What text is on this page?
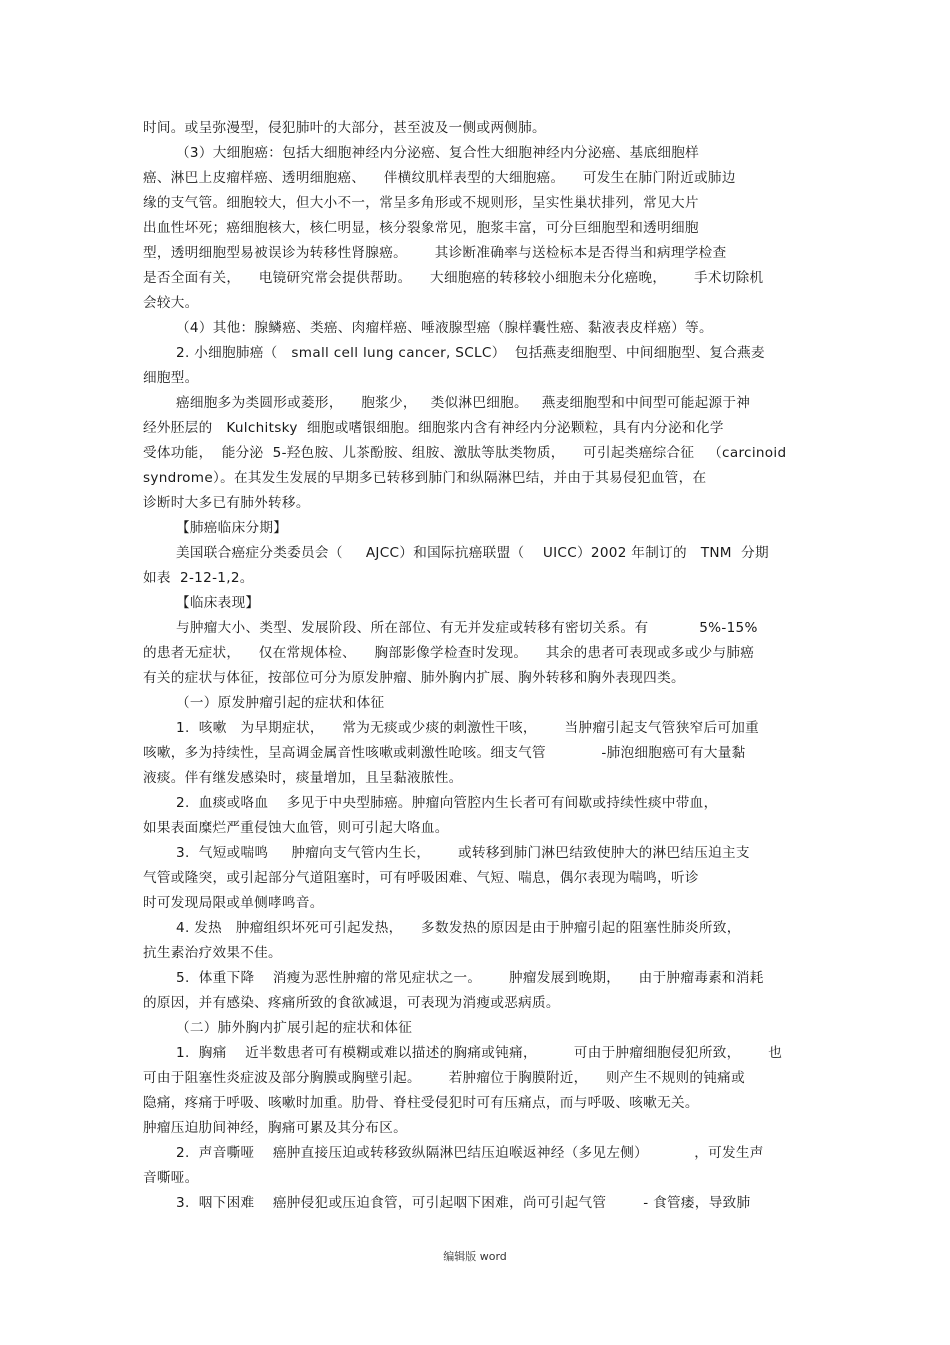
时间。或呈弥漫型，侵犯肺叶的大部分，甚至波及一侧或两侧肺。
（3）大细胞癌：包括大细胞神经内分泌癌、复合性大细胞神经内分泌癌、基底细胞样
癌、淋巴上皮瘤样癌、透明细胞癌、    伴横纹肌样表型的大细胞癌。    可发生在肺门附近或肺边
缘的支气管。细胞较大，但大小不一，常呈多角形或不规则形，呈实性巢状排列，常见大片
出血性坏死；癌细胞核大，核仁明显，核分裂象常见，胞浆丰富，可分巨细胞型和透明细胞
型，透明细胞型易被误诊为转移性肾腺癌。      其诊断准确率与送检标本是否得当和病理学检查
是否全面有关，    电镜研究常会提供帮助。    大细胞癌的转移较小细胞未分化癌晚，      手术切除机
会较大。
（4）其他：腺鳞癌、类癌、肉瘤样癌、唾液腺型癌（腺样囊性癌、黏液表皮样癌）等。
2. 小细胞肺癌（   small cell lung cancer, SCLC）  包括燕麦细胞型、中间细胞型、复合燕麦
细胞型。
癌细胞多为类圆形或菱形，    胞浆少，   类似淋巴细胞。   燕麦细胞型和中间型可能起源于神
经外胚层的   Kulchitsky  细胞或嗜银细胞。细胞浆内含有神经内分泌颗粒，具有内分泌和化学
受体功能，  能分泌  5-羟色胺、儿茶酚胺、组胺、激肽等肽类物质，    可引起类癌综合征   （carcinoid
syndrome）。在其发生发展的早期多已转移到肺门和纵隔淋巴结，并由于其易侵犯血管，在
诊断时大多已有肺外转移。
【肺癌临床分期】
美国联合癌症分类委员会（     AJCC）和国际抗癌联盟（    UICC）2002 年制订的   TNM  分期
如表  2-12-1,2。
【临床表现】
与肿瘤大小、类型、发展阶段、所在部位、有无并发症或转移有密切关系。有           5%-15%
的患者无症状，    仅在常规体检、    胸部影像学检查时发现。    其余的患者可表现或多或少与肺癌
有关的症状与体征，按部位可分为原发肿瘤、肺外胸内扩展、胸外转移和胸外表现四类。
（一）原发肿瘤引起的症状和体征
1.  咳嗽   为早期症状，    常为无痰或少痰的刺激性干咳，      当肿瘤引起支气管狭窄后可加重
咳嗽，多为持续性，呈高调金属音性咳嗽或刺激性呛咳。细支气管            -肺泡细胞癌可有大量黏
液痰。伴有继发感染时，痰量增加，且呈黏液脓性。
2.  血痰或咯血    多见于中央型肺癌。肿瘤向管腔内生长者可有间歇或持续性痰中带血，
如果表面糜烂严重侵蚀大血管，则可引起大咯血。
3.  气短或喘鸣     肿瘤向支气管内生长，      或转移到肺门淋巴结致使肿大的淋巴结压迫主支
气管或隆突，或引起部分气道阻塞时，可有呼吸困难、气短、喘息，偶尔表现为喘鸣，听诊
时可发现局限或单侧哮鸣音。
4. 发热   肿瘤组织坏死可引起发热，    多数发热的原因是由于肿瘤引起的阻塞性肺炎所致，
抗生素治疗效果不佳。
5.  体重下降    消瘦为恶性肿瘤的常见症状之一。      肿瘤发展到晚期，    由于肿瘤毒素和消耗
的原因，并有感染、疼痛所致的食欲减退，可表现为消瘦或恶病质。
（二）肺外胸内扩展引起的症状和体征
1.  胸痛    近半数患者可有模糊或难以描述的胸痛或钝痛，        可由于肿瘤细胞侵犯所致，      也
可由于阻塞性炎症波及部分胸膜或胸壁引起。      若肿瘤位于胸膜附近，    则产生不规则的钝痛或
隐痛，疼痛于呼吸、咳嗽时加重。肋骨、脊柱受侵犯时可有压痛点，而与呼吸、咳嗽无关。
肿瘤压迫肋间神经，胸痛可累及其分布区。
2.  声音嘶哑    癌肿直接压迫或转移致纵隔淋巴结压迫喉返神经（多见左侧）          ，可发生声
音嘶哑。
3.  咽下困难    癌肿侵犯或压迫食管，可引起咽下困难，尚可引起气管        - 食管瘘，导致肺
编辑版 word
